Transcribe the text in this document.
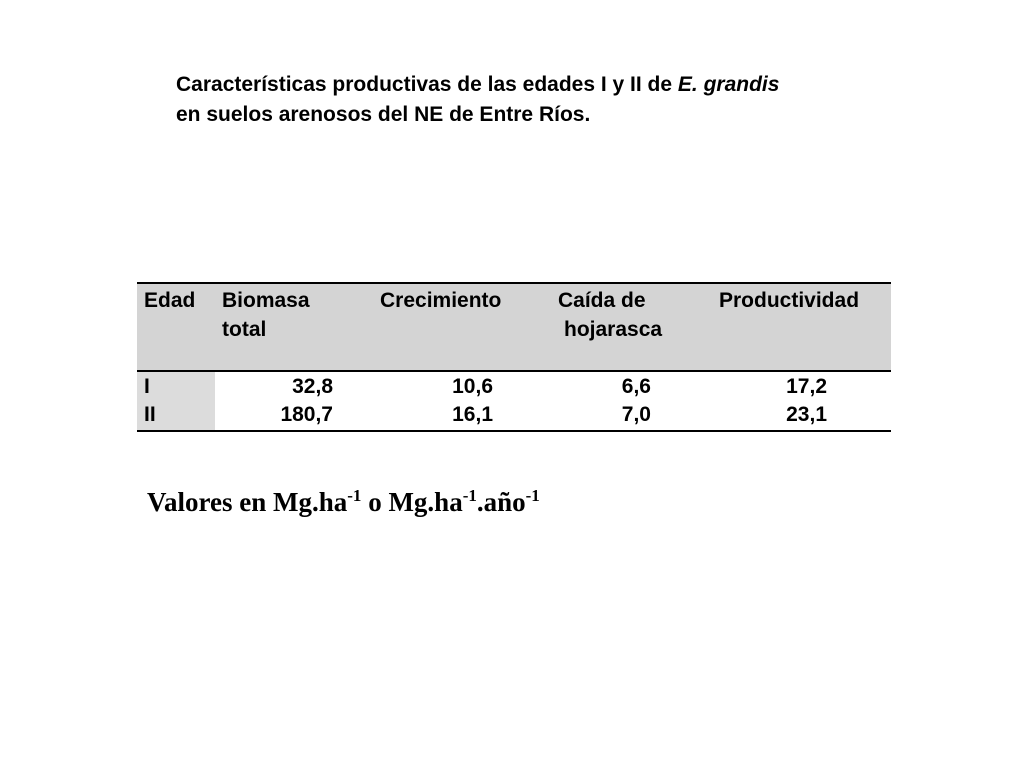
Características productivas de las edades I y II de E. grandis
en suelos arenosos del NE de Entre Ríos.
Edad Biomasa
total
Crecimiento	Caída de
hojarasca
Productividad
I
II
32,8
180,7
10,6
16,1
6,6
7,0
17,2
23,1
Valores en $Mg.ha^{-1}$ o $Mg.ha^{-1}.año^{-1}$
